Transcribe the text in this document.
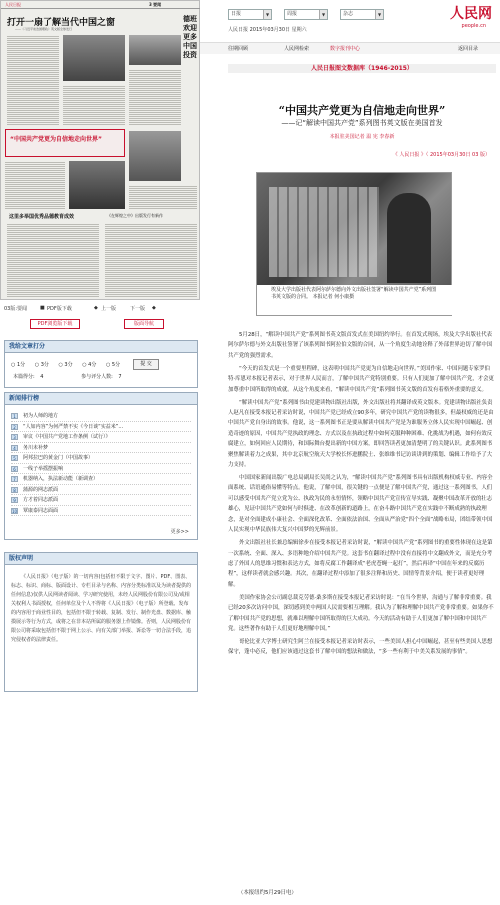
人民日报	3 要闻
打开一扇了解当代中国之窗
——《习近平谈治国理政》英文版全球发行
德班欢迎更多中国投资
“中国共产党更为自信地走向世界”
这里多举国优秀品德教育成效	《在辉煌之中》出版发行有新作
03版:要闻	■ PDF版下载	◆ 上一版	下一版 ◆
PDF浏览版下载	版面导航
我给文章打分
○ 1分 ○ 3分 ○ 3分 ○ 4分 ○ 5分	提 交
本篇得分: 4	参与评分人数: 7
新闻排行榜
1	初为人师的地方
2	“人如内容”为何严禁不实《今日谈“实益米”...
3	审议《中国共产党地工作条例（试行）》
4	务川未补梦
5	阿邦拉巴的黄金门（中国故事）
6	一线子举摇摆振响
7	机器纳入，执法新动能（新调查）
8	蒲源的网志派面
9	方才着同志派面
10 覃康泰同志面面
更多>>
版权声明
《人民日报》（电子版）的一切内容(包括但不限于文字、图片、PDF、图表、标志、标识、商标、版面设计、专栏目录与名称、内容分类标准以及为读者提供的任何信息)仅供人民网读者阅读、学习研究使用，未经人民网股份有限公司及/或相关权利人书面授权，任何单位及个人不得将《人民日报》（电子版）所登载、发布的内容用于商业性目的，包括但不限于转载、复制、发行、制作光盘、数据库、触摸展示等行为方式，或将之在非本站所属的服务器上作镜像。否则，人民网股份有限公司将采取包括但不限于网上公示、向有关部门举报、诉讼等一切合法手段，追究侵权者的法律责任。
日报	▼	周报	▼	杂志	▼	人民网
people.cn
人民日报 2015年03月30日 星期六
往期回顾	人民网检索	数字报刊中心	返回目录
人民日报图文数据库（1946-2015）
“中国共产党更为自信地走向世界”
——记“解读中国共产党”系列图书英文版在美国首发
本报驻美国记者 温 宪 李春新
《 人民日报 》（ 2015年03月30日 03 版）
埃及大学出版社代表阿尔萨尔德向外文出版社签署“解读中国共产党”系列图书英文版的合同。 本报记者 何小康摄

5月28日，“解读中国共产党”系列图书英文版首发式在美国纽约举行。在首发式现场，埃及大学出版社代表阿尔萨尔德与外文出版社签署了该系列图书阿拉伯文版的合同，从一个角度生动地诠释了外部世界迫切了解中国共产党的强烈需求。

“今天的首发式是一个重要里程碑，这表明中国共产党更为自信地走向世界。”美国作家、中国问题专家罗伯特·库恩对本报记者表示，对于世界人民而言，了解中国共产党特别重要。只有人们更加了解中国共产党，才会更加尊重中国所取得的成就。从这个角度来看，“解读中国共产党”系列图书英文版的首发有着格外重要的意义。

“解读中国共产党”系列图书由党建读物出版社出版，外文出版社将其翻译成英文版本。党建读物出版社负责人赵凡在接受本报记者采访时说，中国共产党已经成立90多年，研究中国共产党的读物很多，但最权威的还是由中国共产党自身出的故事。他说，这一系列图书正是要从解读中国共产党是为谁服务立体人民实现中国崛起、创造奇迹的原因，中国共产党执政的理念、方式以及在执政过程中如何克服种种困难、化挑战为机遇，如何有效反腐建立，如何回应人民期待，和国际舞台提出新的中国方案，即回答读者更加清楚明了的关键认识。此系列图书聚焦解读着力之成果，其中北京航空航天大学校长怀进鹏院士、张维维书记访谈讲到的策划、编辑工作给予了大力支持。

中国国家新闻出版广电总局副局长吴尚之认为，“解读中国共产党”系列图书具有出版机构权威专业、内容全面系统、话语通俗易懂等特点。他说，了解中国，很关键的一点便是了解中国共产党，通过这一系列图书，人们可以感受中国共产党立党为公、执政为民的永恒情怀，领略中国共产党宣传宣导实践、凝聚中国改革开放的壮志雄心，见证中国共产党如何与时俱进、在改革创新的道路上，在奋斗路中国共产党在实践中不断成熟的执政理念，是对全面建成小康社会、全面深化改革、全面依法治国、全面从严治党“四个全面”战略布局，团结带领中国人民实现中华民族伟大复兴中国梦的光辉前景。

外文出版社社长兼总编辑徐步在接受本报记者采访时说，“解读中国共产党”系列图书的重要性体现在这是第一次系统、全面、深入、多语种地介绍中国共产党。这套书在翻译过程中没有直接将中文翻成外文，而是充分考虑了外国人的思维习惯和表达方式，如将反腐工作翻译成“老虎苍蝇一起打”，然后再译“中国在年来的反腐历程”，这样读者就会感兴趣。其次，在翻译过程中添加了很多注释和历史、国情等背景介绍，便于读者更好理解。

美国作家协会公司副总裁克劳德·桑多斯在接受本报记者采访时说：“在当今世界，沟通与了解非常重要。我已经20多次访问中国，深切感到美中两国人民需要相互理解。我认为了解和理解中国共产党非常重要。如果你不了解中国共产党的思想，就难以理解中国所取得的巨大成功。今天的活动有助于人们更加了解中国和中国共产党。这些著作有助于人们更好地理解中国。”

哥伦比亚大学博士研究生阿兰在接受本报记者采访时表示，一些美国人担心中国崛起，甚至有些美国人思想保守，蓬中必反，他们应该通过这套书了解中国的想法和做法，“多一些有利于中美关系发展的事情”。

（本报纽约5月29日电）
